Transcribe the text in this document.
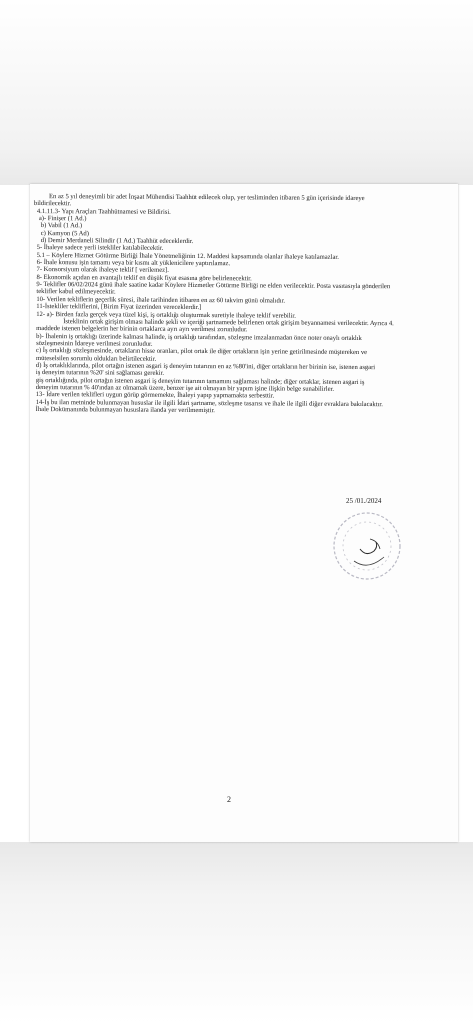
En az 5 yıl deneyimli bir adet İnşaat Mühendisi Taahhüt edilecek olup, yer tesliminden itibaren 5 gün içerisinde idareye
bildirilecektir.
4.1.11.3- Yapı Araçları Taahhütnamesi ve Bildirisi.
a)- Finişer (1 Ad.)
b) Vabil (1 Ad.)
c) Kamyon (5 Ad)
d) Demir Merdaneli Silindir (1 Ad.) Taahhüt edeceklerdir.
5- İhaleye sadece yerli istekliler katılabilecektir.
5.1 – Köylere Hizmet Götürme Birliği İhale Yönetmeliğinin 12. Maddesi kapsamında olanlar ihaleye katılamazlar.
6- İhale konusu işin tamamı veya bir kısmı alt yüklenicilere yaptırılamaz.
7- Konsorsiyum olarak ihaleye teklif [ verilemez].
8- Ekonomik açıdan en avantajlı teklif en düşük fiyat esasına göre belirlenecektir.
9- Teklifler 06/02/2024 günü ihale saatine kadar Köylere Hizmetler Götürme Birliği ne elden verilecektir. Posta vasıtasıyla gönderilen
teklifler kabul edilmeyecektir.
10- Verilen tekliflerin geçerlik süresi, ihale tarihinden itibaren en az 60 takvim günü olmalıdır.
11-İstekliler tekliflerini, [Birim Fiyat üzerinden vereceklerdir.]
12- a)- Birden fazla gerçek veya tüzel kişi, iş ortaklığı oluşturmak suretiyle ihaleye teklif verebilir.
İsteklinin ortak girişim olması halinde şekli ve içeriği şartnamede belirlenen ortak girişim beyannamesi verilecektir. Ayrıca 4.
maddede istenen belgelerin her birinin ortaklarca ayrı ayrı verilmesi zorunludur.
b)- İhalenin iş ortaklığı üzerinde kalması halinde, iş ortaklığı tarafından, sözleşme imzalanmadan önce noter onaylı ortaklık
sözleşmesinin İdareye verilmesi zorunludur.
c) İş ortaklığı sözleşmesinde, ortakların hisse oranları, pilot ortak ile diğer ortakların işin yerine getirilmesinde müştereken ve
müteselsilen sorumlu oldukları belirtilecektir.
d) İş ortaklıklarında, pilot ortağın istenen asgari iş deneyim tutarının en az %80'ini, diğer ortakların her birinin ise, istenen asgari
iş deneyim tutarının %20' sini sağlaması gerekir.
giş ortaklığında, pilot ortağın istenen asgari iş deneyim tutarının tamamını sağlaması halinde; diğer ortaklar, istenen asgari iş
deneyim tutarının % 40'ından az olmamak üzere, benzer işe ait olmayan bir yapım işine ilişkin belge sunabilirler.
13- İdare verilen teklifleri uygun görüp görmemekte, İhaleyi yapıp yapmamakta serbesttir.
14-İş bu ilan metninde bulunmayan hususlar ile ilgili İdari şartname, sözleşme tasarısı ve ihale ile ilgili diğer evraklara bakılacaktır.
İhale Dokümanında bulunmayan hususlara ilanda yer verilmemiştir.
25 /01./2024
2
